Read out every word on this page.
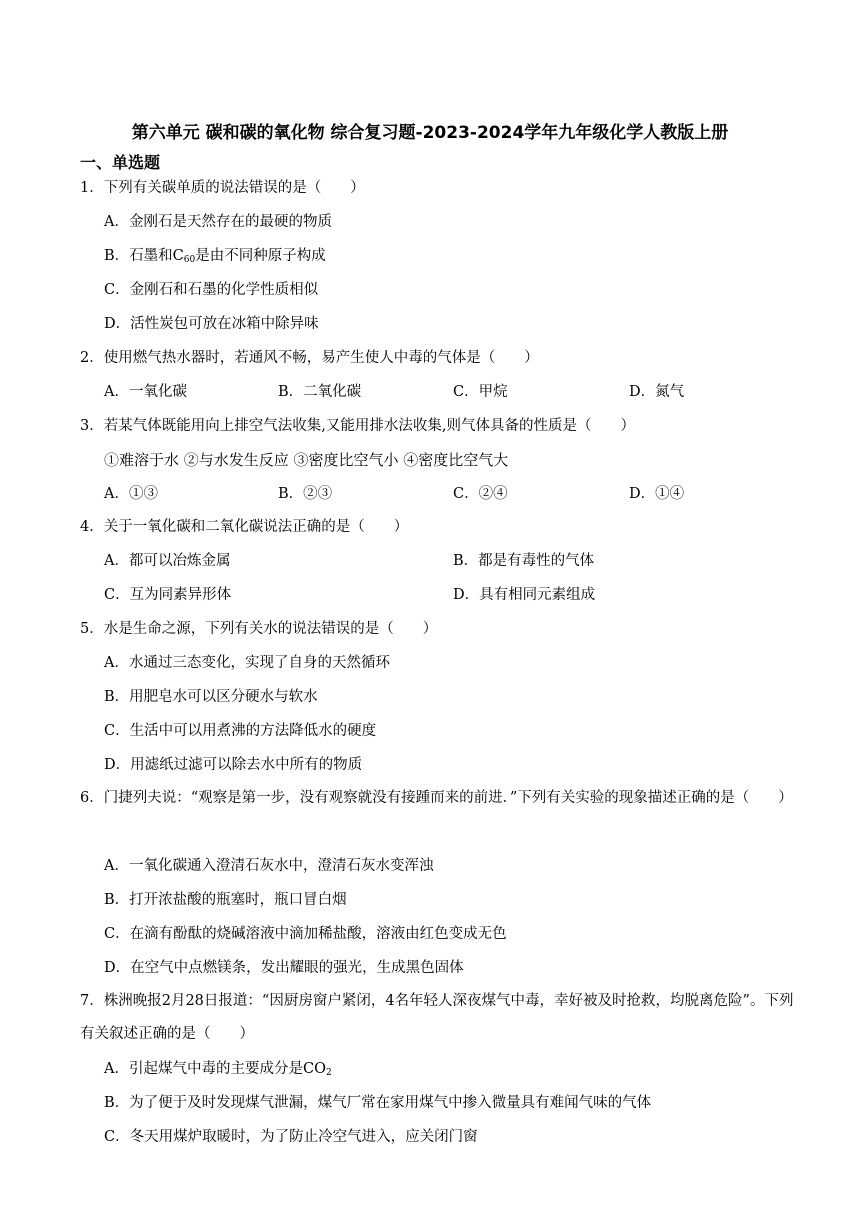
第六单元 碳和碳的氧化物 综合复习题-2023-2024学年九年级化学人教版上册
一、单选题
1．下列有关碳单质的说法错误的是（　　）
A．金刚石是天然存在的最硬的物质
B．石墨和$C_{60}$是由不同种原子构成
C．金刚石和石墨的化学性质相似
D．活性炭包可放在冰箱中除异味
2．使用燃气热水器时，若通风不畅，易产生使人中毒的气体是（　　）
A．一氧化碳	B．二氧化碳	C．甲烷	D．氮气
3．若某气体既能用向上排空气法收集,又能用排水法收集,则气体具备的性质是（　　）
①难溶于水 ②与水发生反应 ③密度比空气小 ④密度比空气大
A．①③	B．②③	C．②④	D．①④
4．关于一氧化碳和二氧化碳说法正确的是（　　）
A．都可以冶炼金属	B．都是有毒性的气体
C．互为同素异形体	D．具有相同元素组成
5．水是生命之源，下列有关水的说法错误的是（　　）
A．水通过三态变化，实现了自身的天然循环
B．用肥皂水可以区分硬水与软水
C．生活中可以用煮沸的方法降低水的硬度
D．用滤纸过滤可以除去水中所有的物质
6．门捷列夫说：“观察是第一步，没有观察就没有接踵而来的前进．”下列有关实验的现象描述正确的是（　　）
A．一氧化碳通入澄清石灰水中，澄清石灰水变浑浊
B．打开浓盐酸的瓶塞时，瓶口冒白烟
C．在滴有酚酞的烧碱溶液中滴加稀盐酸，溶液由红色变成无色
D．在空气中点燃镁条，发出耀眼的强光，生成黑色固体
7．株洲晚报2月28日报道：“因厨房窗户紧闭，4名年轻人深夜煤气中毒，幸好被及时抢救，均脱离危险”。下列有关叙述正确的是（　　）
A．引起煤气中毒的主要成分是$CO_2$
B．为了便于及时发现煤气泄漏，煤气厂常在家用煤气中掺入微量具有难闻气味的气体
C．冬天用煤炉取暖时，为了防止冷空气进入，应关闭门窗
